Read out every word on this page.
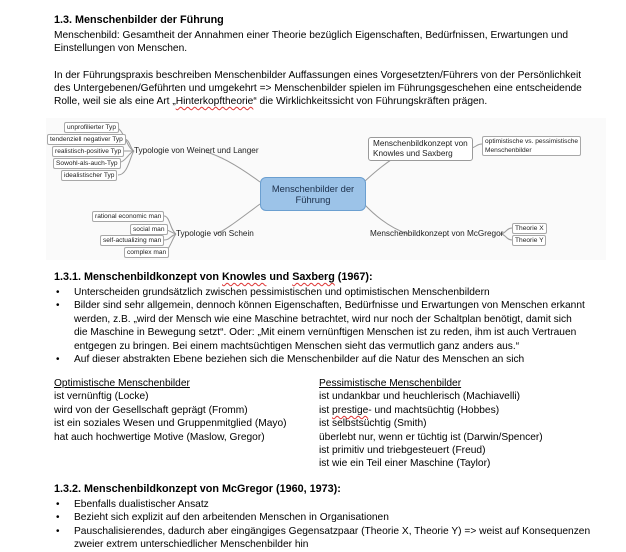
1.3. Menschenbilder der Führung
Menschenbild: Gesamtheit der Annahmen einer Theorie bezüglich Eigenschaften, Bedürfnissen, Erwartungen und
Einstellungen von Menschen.
In der Führungspraxis beschreiben Menschenbilder Auffassungen eines Vorgesetzten/Führers von der Persönlichkeit
des Untergebenen/Geführten und umgekehrt => Menschenbilder spielen im Führungsgeschehen eine entscheidende
Rolle, weil sie als eine Art „Hinterkopftheorie“ die Wirklichkeitssicht von Führungskräften prägen.
unprofilierter Typ
tendenziell negativer Typ
realistisch-positive Typ
Sowohl-als-auch-Typ
idealistischer Typ
Typologie von Weinert und Langer
rational economic man
social man
self-actualizing man
complex man
Typologie von Schein
Menschenbilder der
Führung
Menschenbildkonzept von
Knowles und Saxberg
optimistische vs. pessimistische
Menschenbilder
Menschenbildkonzept von McGregor
Theorie X
Theorie Y
1.3.1. Menschenbildkonzept von Knowles und Saxberg (1967):
• Unterscheiden grundsätzlich zwischen pessimistischen und optimistischen Menschenbildern
• Bilder sind sehr allgemein, dennoch können Eigenschaften, Bedürfnisse und Erwartungen von Menschen erkannt
werden, z.B. „wird der Mensch wie eine Maschine betrachtet, wird nur noch der Schaltplan benötigt, damit sich
die Maschine in Bewegung setzt“. Oder: „Mit einem vernünftigen Menschen ist zu reden, ihm ist auch Vertrauen
entgegen zu bringen. Bei einem machtsüchtigen Menschen sieht das vermutlich ganz anders aus.“
• Auf dieser abstrakten Ebene beziehen sich die Menschenbilder auf die Natur des Menschen an sich
Optimistische Menschenbilder
ist vernünftig (Locke)
wird von der Gesellschaft geprägt (Fromm)
ist ein soziales Wesen und Gruppenmitglied (Mayo)
hat auch hochwertige Motive (Maslow, Gregor)
Pessimistische Menschenbilder
ist undankbar und heuchlerisch (Machiavelli)
ist prestige- und machtsüchtig (Hobbes)
ist selbstsüchtig (Smith)
überlebt nur, wenn er tüchtig ist (Darwin/Spencer)
ist primitiv und triebgesteuert (Freud)
ist wie ein Teil einer Maschine (Taylor)
1.3.2. Menschenbildkonzept von McGregor (1960, 1973):
• Ebenfalls dualistischer Ansatz
• Bezieht sich explizit auf den arbeitenden Menschen in Organisationen
• Pauschalisierendes, dadurch aber eingängiges Gegensatzpaar (Theorie X, Theorie Y) => weist auf Konsequenzen
zweier extrem unterschiedlicher Menschenbilder hin
